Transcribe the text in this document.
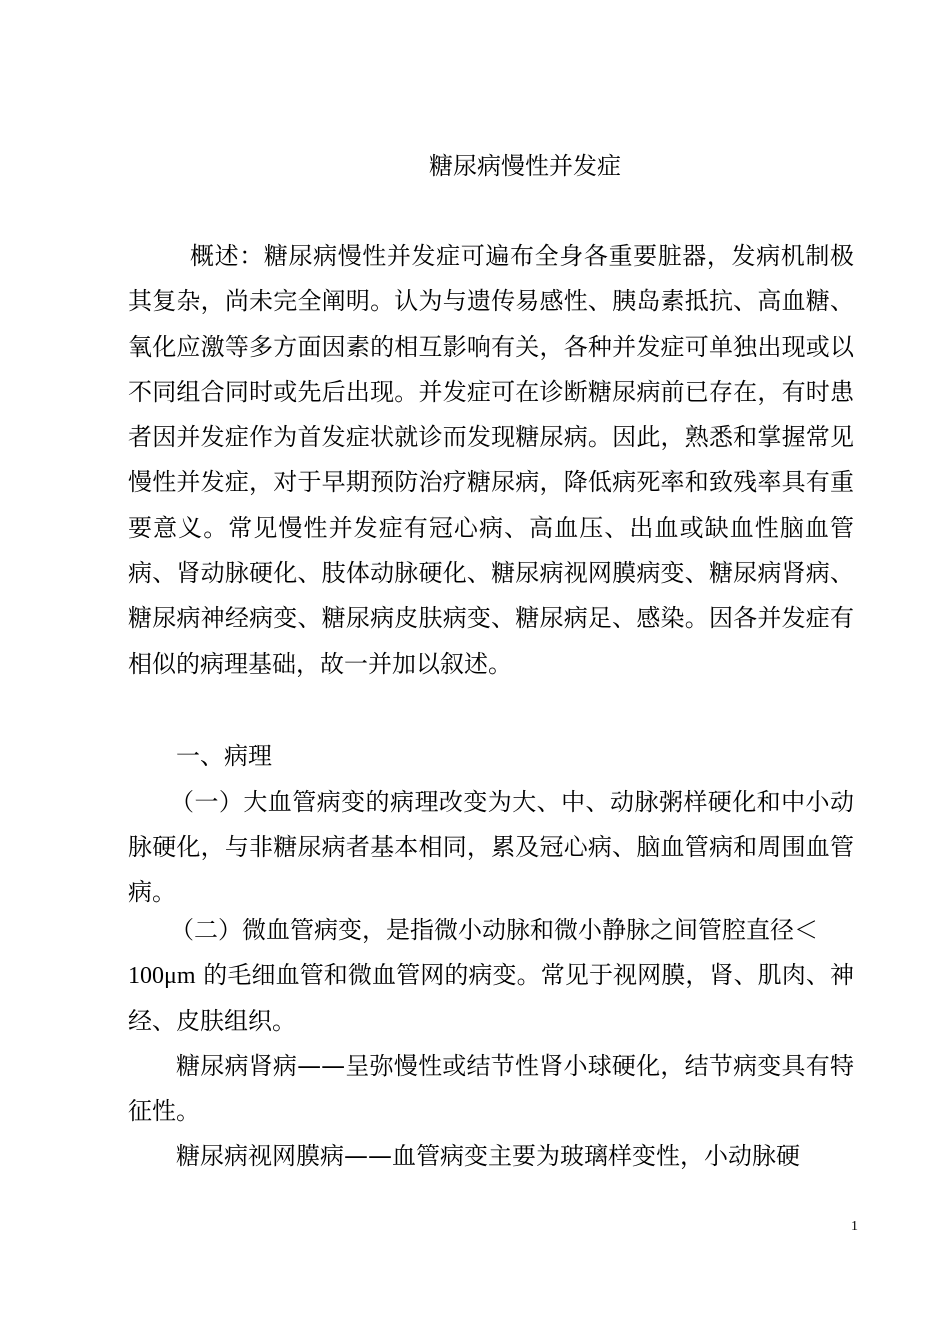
糖尿病慢性并发症

概述：糖尿病慢性并发症可遍布全身各重要脏器，发病机制极其复杂，尚未完全阐明。认为与遗传易感性、胰岛素抵抗、高血糖、氧化应激等多方面因素的相互影响有关，各种并发症可单独出现或以不同组合同时或先后出现。并发症可在诊断糖尿病前已存在，有时患者因并发症作为首发症状就诊而发现糖尿病。因此，熟悉和掌握常见慢性并发症，对于早期预防治疗糖尿病，降低病死率和致残率具有重要意义。常见慢性并发症有冠心病、高血压、出血或缺血性脑血管病、肾动脉硬化、肢体动脉硬化、糖尿病视网膜病变、糖尿病肾病、糖尿病神经病变、糖尿病皮肤病变、糖尿病足、感染。因各并发症有相似的病理基础，故一并加以叙述。

一、病理

（一）大血管病变的病理改变为大、中、动脉粥样硬化和中小动脉硬化，与非糖尿病者基本相同，累及冠心病、脑血管病和周围血管病。

（二）微血管病变，是指微小动脉和微小静脉之间管腔直径＜

100μm 的毛细血管和微血管网的病变。常见于视网膜，肾、肌肉、神经、皮肤组织。

糖尿病肾病——呈弥慢性或结节性肾小球硬化，结节病变具有特征性。

糖尿病视网膜病——血管病变主要为玻璃样变性，小动脉硬

1
